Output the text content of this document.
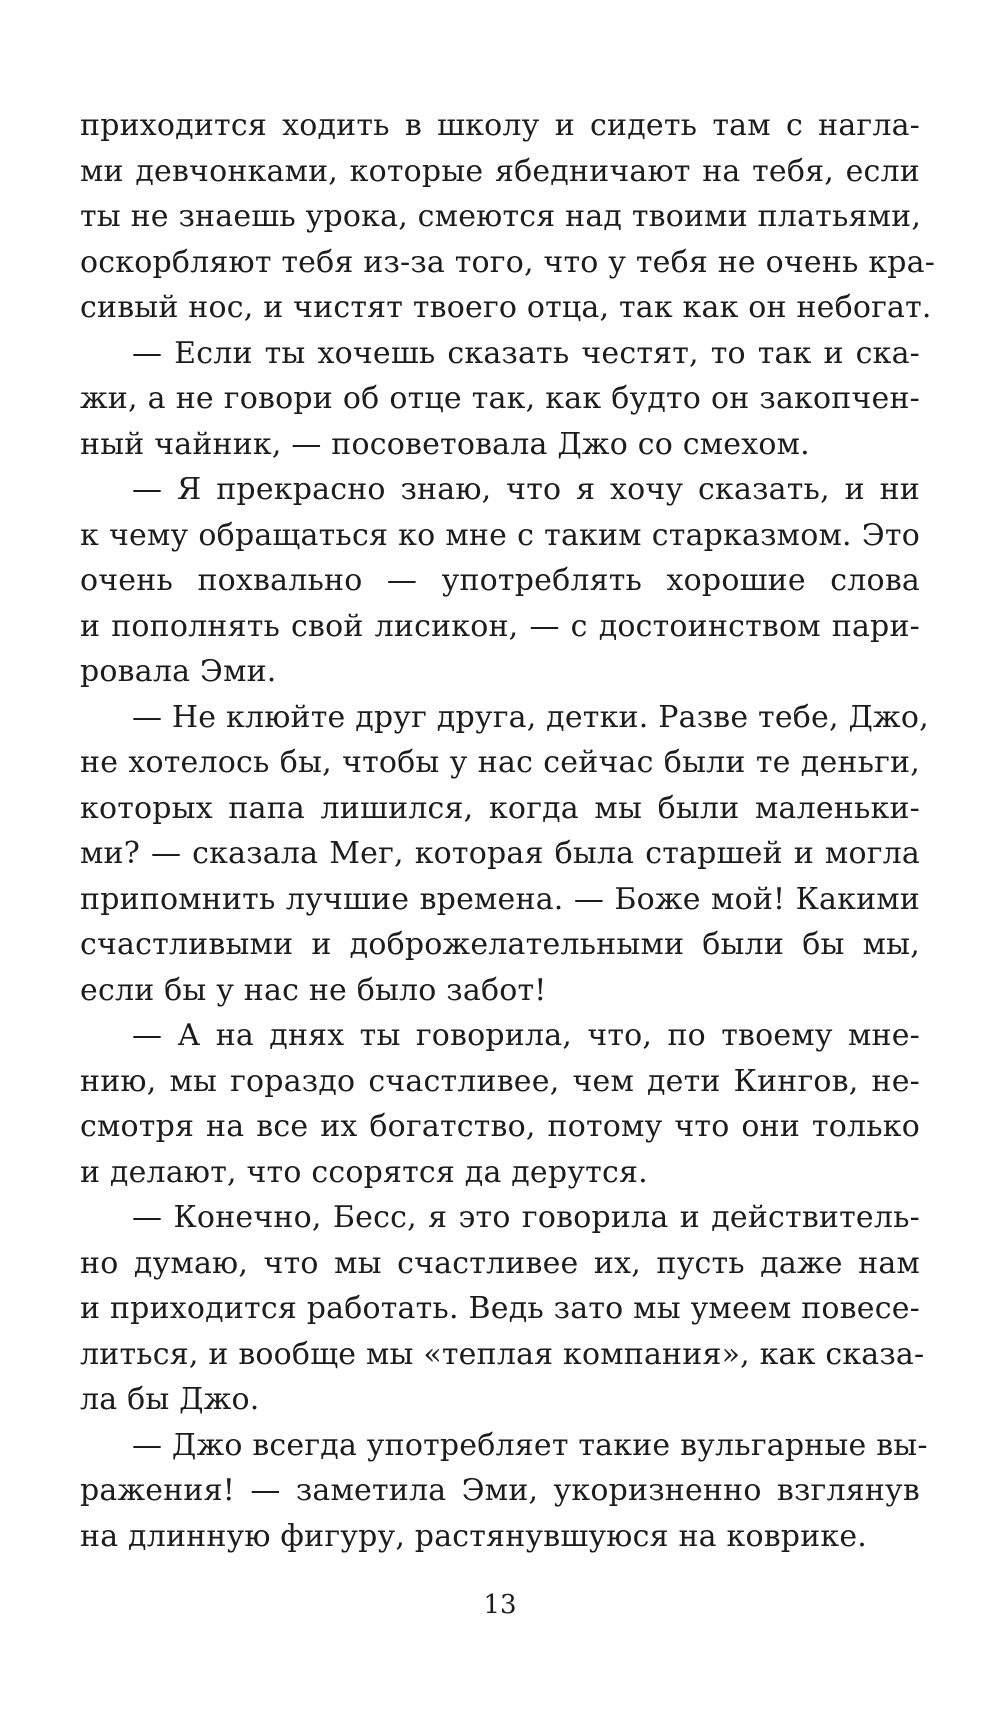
приходится ходить в школу и сидеть там с нагла-
ми девчонками, которые ябедничают на тебя, если
ты не знаешь урока, смеются над твоими платьями,
оскорбляют тебя из-за того, что у тебя не очень кра-
сивый нос, и чистят твоего отца, так как он небогат.
— Если ты хочешь сказать честят, то так и ска-
жи, а не говори об отце так, как будто он закопчен-
ный чайник, — посоветовала Джо со смехом.
— Я прекрасно знаю, что я хочу сказать, и ни
к чему обращаться ко мне с таким старказмом. Это
очень похвально — употреблять хорошие слова
и пополнять свой лисикон, — с достоинством пари-
ровала Эми.
— Не клюйте друг друга, детки. Разве тебе, Джо,
не хотелось бы, чтобы у нас сейчас были те деньги,
которых папа лишился, когда мы были маленьки-
ми? — сказала Мег, которая была старшей и могла
припомнить лучшие времена. — Боже мой! Какими
счастливыми и доброжелательными были бы мы,
если бы у нас не было забот!
— А на днях ты говорила, что, по твоему мне-
нию, мы гораздо счастливее, чем дети Кингов, не-
смотря на все их богатство, потому что они только
и делают, что ссорятся да дерутся.
— Конечно, Бесс, я это говорила и действитель-
но думаю, что мы счастливее их, пусть даже нам
и приходится работать. Ведь зато мы умеем повесе-
литься, и вообще мы «теплая компания», как сказа-
ла бы Джо.
— Джо всегда употребляет такие вульгарные вы-
ражения! — заметила Эми, укоризненно взглянув
на длинную фигуру, растянувшуюся на коврике.
13
